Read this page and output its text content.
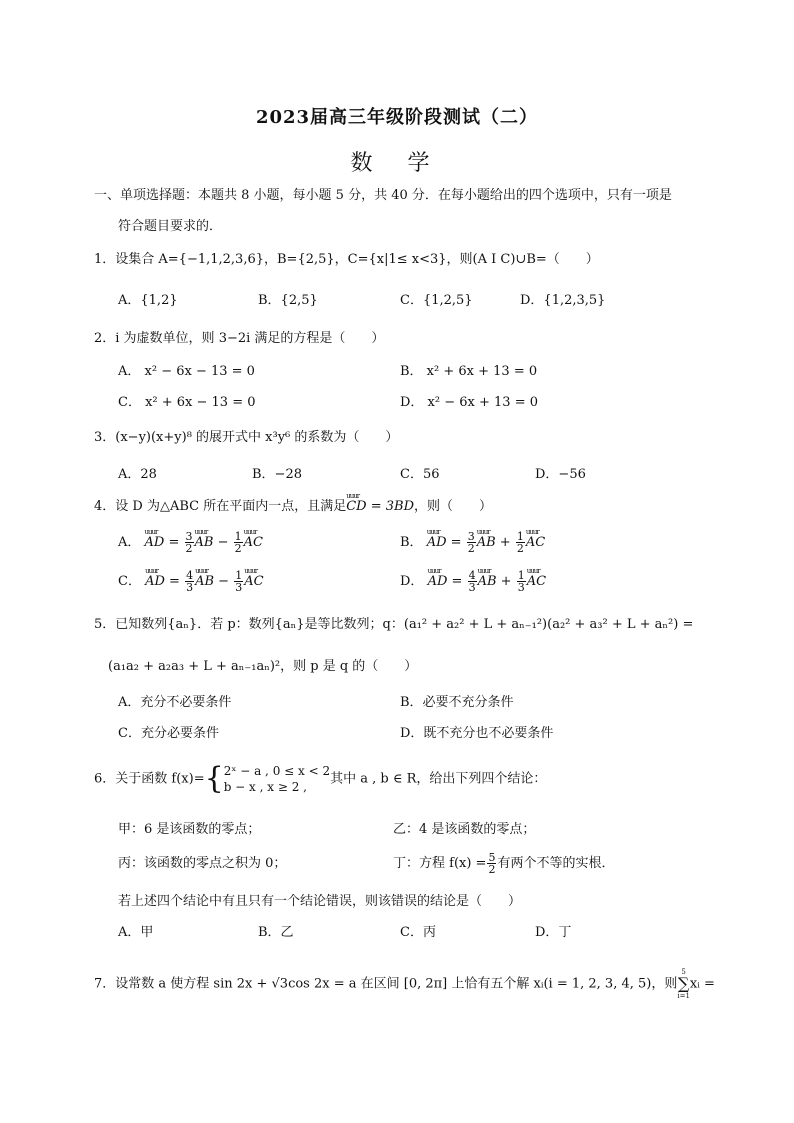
2023届高三年级阶段测试（二）
数 学
一、单项选择题：本题共 8 小题，每小题 5 分，共 40 分．在每小题给出的四个选项中，只有一项是
符合题目要求的．
1．设集合 A={−1,1,2,3,6}，B={2,5}，C={x|1≤ x<3}，则(A I C)∪B=（　　）
A．{1,2}	B．{2,5}	C．{1,2,5}	D．{1,2,3,5}
2．i 为虚数单位，则 3−2i 满足的方程是（　　）
A． x² − 6x − 13 = 0	B． x² + 6x + 13 = 0
C． x² + 6x − 13 = 0	D． x² − 6x + 13 = 0
3．(x−y)(x+y)⁸ 的展开式中 x³y⁶ 的系数为（　　）
A．28	B．−28	C．56	D．−56
4．设 D 为△ABC 所在平面内一点，且满足uuur CD = 3BD，则（　　）
A． uuur AD = $\frac{3}{2}$ uuur AB − $\frac{1}{2}$ uuur AC	B． uuur AD = $\frac{3}{2}$ uuur AB + $\frac{1}{2}$ uuur AC
C． uuur AD = $\frac{4}{3}$ uuur AB − $\frac{1}{3}$ uuur AC	D． uuur AD = $\frac{4}{3}$ uuur AB + $\frac{1}{3}$ uuur AC
5．已知数列{aₙ}．若 p：数列{aₙ}是等比数列；q：(a₁² + a₂² + L + aₙ₋₁²)(a₂² + a₃² + L + aₙ²) =
(a₁a₂ + a₂a₃ + L + aₙ₋₁aₙ)²，则 p 是 q 的（　　）
A．充分不必要条件	B．必要不充分条件
C．充分必要条件	D．既不充分也不必要条件
6．关于函数 f(x)={ 2ˣ − a , 0 ≤ x < 2
b − x , x ≥ 2 ,
其中 a , b ∈ R，给出下列四个结论：
甲：6 是该函数的零点；	乙：4 是该函数的零点；
丙：该函数的零点之积为 0；	丁：方程 $f(x) = \frac{5}{2}$ 有两个不等的实根．
若上述四个结论中有且只有一个结论错误，则该错误的结论是（　　）
A．甲	B．乙	C．丙	D．丁
7．设常数 a 使方程 sin 2x + √3cos 2x = a 在区间 [0, 2π] 上恰有五个解 xᵢ(i = 1, 2, 3, 4, 5)，则
5
∑
i=1
xᵢ =
